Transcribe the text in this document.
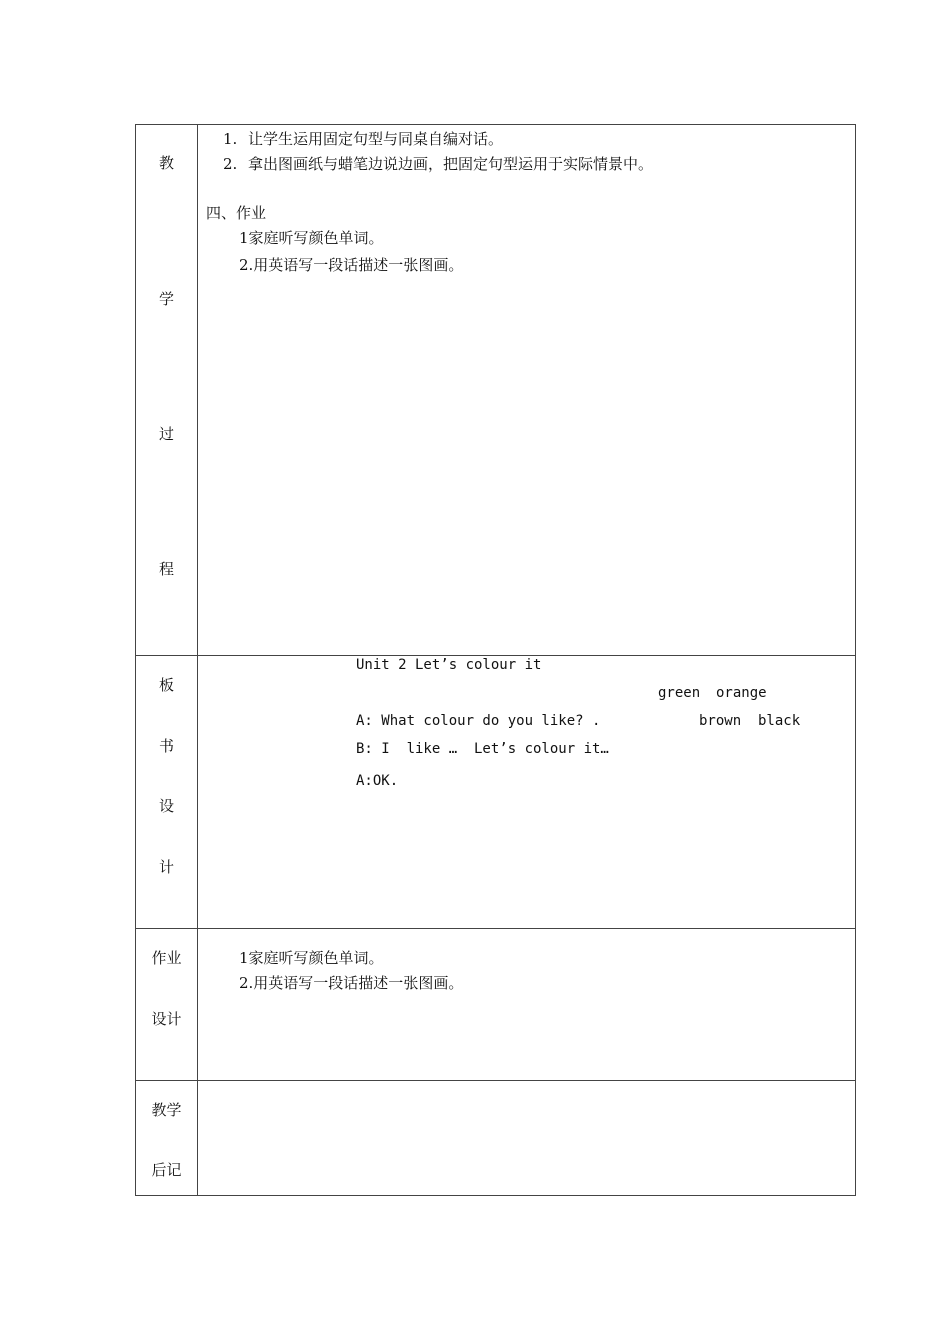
教
学
过
程
1. 让学生运用固定句型与同桌自编对话。
2. 拿出图画纸与蜡笔边说边画，把固定句型运用于实际情景中。
四、作业
1家庭听写颜色单词。
2.用英语写一段话描述一张图画。
板
书
设
计
Unit 2 Let’s colour it
green orange
A: What colour do you like? .	brown black
B: I  like …  Let’s colour it…
A:OK.
作业
设计
1家庭听写颜色单词。
2.用英语写一段话描述一张图画。
教学
后记
